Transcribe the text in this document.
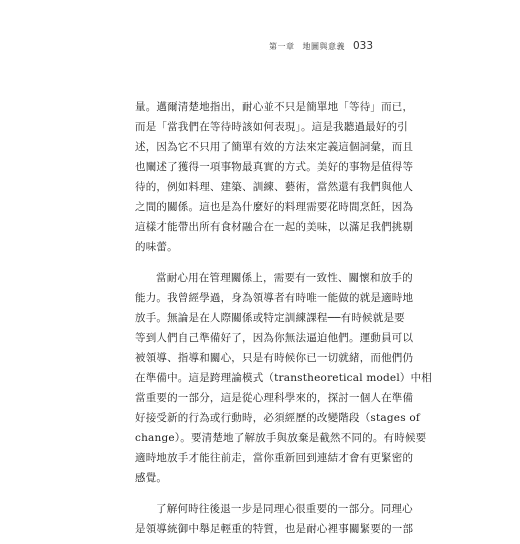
第一章 地圖與意義 033
量。邁爾清楚地指出，耐心並不只是簡單地「等待」而已，
而是「當我們在等待時該如何表現」。這是我聽過最好的引
述，因為它不只用了簡單有效的方法來定義這個詞彙，而且
也闡述了獲得一項事物最真實的方式。美好的事物是值得等
待的，例如料理、建築、訓練、藝術，當然還有我們與他人
之間的關係。這也是為什麼好的料理需要花時間烹飪，因為
這樣才能帶出所有食材融合在一起的美味，以滿足我們挑剔
的味蕾。
當耐心用在管理關係上，需要有一致性、關懷和放手的
能力。我曾經學過，身為領導者有時唯一能做的就是適時地
放手。無論是在人際關係或特定訓練課程──有時候就是要
等到人們自己準備好了，因為你無法逼迫他們。運動員可以
被領導、指導和關心，只是有時候你已一切就緒，而他們仍
在準備中。這是跨理論模式（transtheoretical model）中相
當重要的一部分，這是從心理科學來的，探討一個人在準備
好接受新的行為或行動時，必須經歷的改變階段（stages of
change）。要清楚地了解放手與放棄是截然不同的。有時候要
適時地放手才能往前走，當你重新回到連結才會有更緊密的
感覺。
了解何時往後退一步是同理心很重要的一部分。同理心
是領導統御中舉足輕重的特質，也是耐心裡事關緊要的一部
